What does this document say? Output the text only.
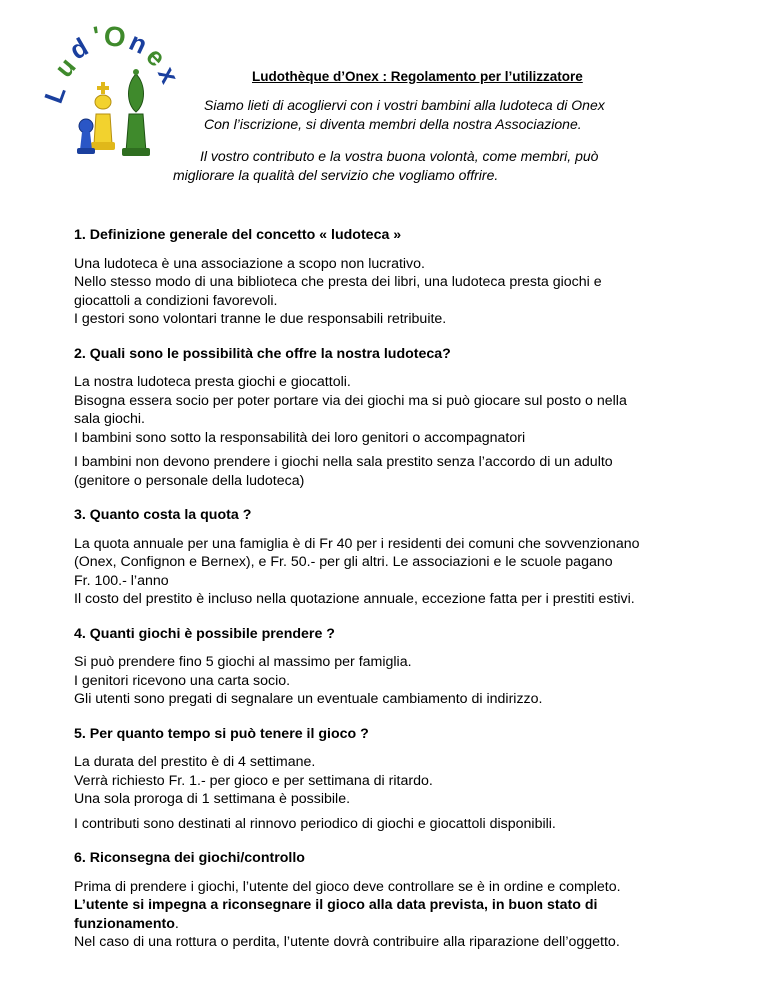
L
u
d
' O
n
e
x	Ludothèque d’Onex : Regolamento per l’utilizzatore
Siamo lieti di acogliervi con i vostri bambini alla ludoteca di Onex
Con l’iscrizione, si diventa membri della nostra Associazione.
Il vostro contributo e la vostra buona volontà, come membri, può
migliorare la qualità del servizio che vogliamo offrire.

1. Definizione generale del concetto « ludoteca »

Una ludoteca è una associazione a scopo non lucrativo.

Nello stesso modo di una biblioteca che presta dei libri, una ludoteca presta giochi e

giocattoli a condizioni favorevoli.

I gestori sono volontari tranne le due responsabili retribuite.

2. Quali sono le possibilità che offre la nostra ludoteca?

La nostra ludoteca presta giochi e giocattoli.

Bisogna essera socio per poter portare via dei giochi ma si può giocare sul posto o nella

sala giochi.

I bambini sono sotto la responsabilità dei loro genitori o accompagnatori

I bambini non devono prendere i giochi nella sala prestito senza l’accordo di un adulto

(genitore o personale della ludoteca)

3. Quanto costa la quota ?

La quota annuale per una famiglia è di Fr 40 per i residenti dei comuni che sovvenzionano

(Onex, Confignon e Bernex), e Fr. 50.- per gli altri. Le associazioni e le scuole pagano

Fr. 100.- l’anno

Il costo del prestito è incluso nella quotazione annuale, eccezione fatta per i prestiti estivi.

4. Quanti giochi è possibile prendere ?

Si può prendere fino 5 giochi al massimo per famiglia.

I genitori ricevono una carta socio.

Gli utenti sono pregati di segnalare un eventuale cambiamento di indirizzo.

5. Per quanto tempo si può tenere il gioco ?

La durata del prestito è di 4 settimane.

Verrà richiesto Fr. 1.- per gioco e per settimana di ritardo.

Una sola proroga di 1 settimana è possibile.

I contributi sono destinati al rinnovo periodico di giochi e giocattoli disponibili.

6. Riconsegna dei giochi/controllo

Prima di prendere i giochi, l’utente del gioco deve controllare se è in ordine e completo.

L’utente si impegna a riconsegnare il gioco alla data prevista, in buon stato di

funzionamento.

Nel caso di una rottura o perdita, l’utente dovrà contribuire alla riparazione dell’oggetto.
